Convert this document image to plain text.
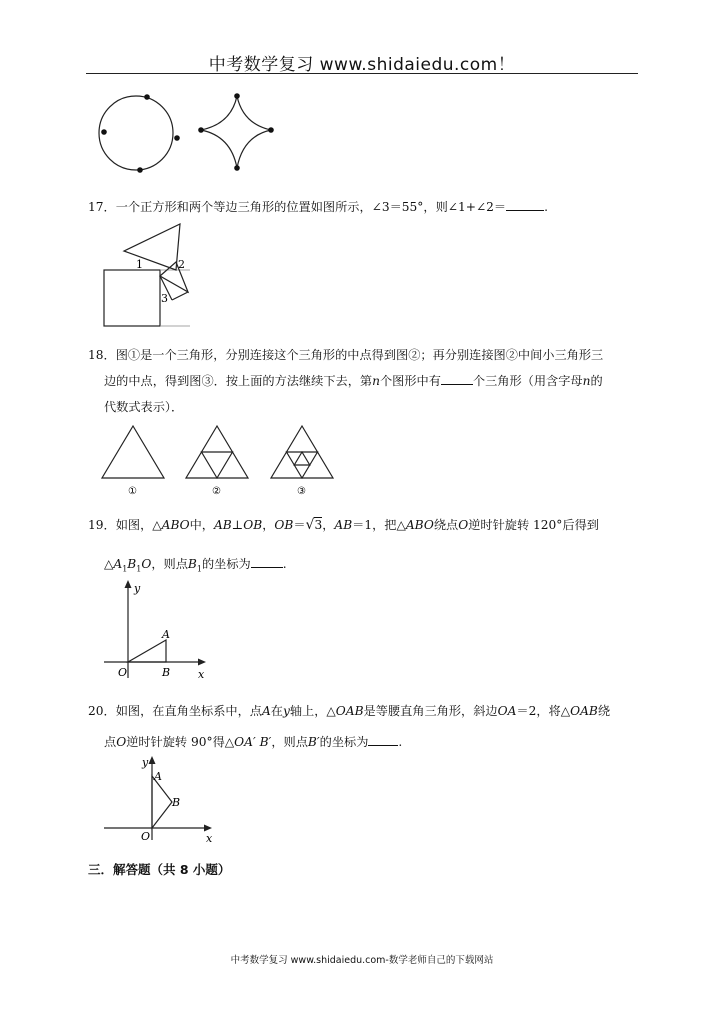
中考数学复习 www.shidaiedu.com！
17．一个正方形和两个等边三角形的位置如图所示，∠3＝55°，则∠1+∠2＝	.
1	2
3
18．图①是一个三角形，分别连接这个三角形的中点得到图②；再分别连接图②中间小三角形三
边的中点，得到图③．按上面的方法继续下去，第n个图形中有	个三角形（用含字母n的
代数式表示）．
①	②	③
19．如图，△ABO中，AB⊥OB，OB＝√3，AB＝1，把△ABO绕点O逆时针旋转 120°后得到
$\triangle A_1B_1O$，则点$B_1$的坐标为	.
y
x
O
A
B
20．如图，在直角坐标系中，点A在y轴上，△OAB是等腰直角三角形，斜边OA＝2，将△OAB绕
点O逆时针旋转 90°得△OA′ B′，则点B′的坐标为 .
y
x
O
A
B
三．解答题（共 8 小题）
中考数学复习 www.shidaiedu.com-数学老师自己的下载网站
